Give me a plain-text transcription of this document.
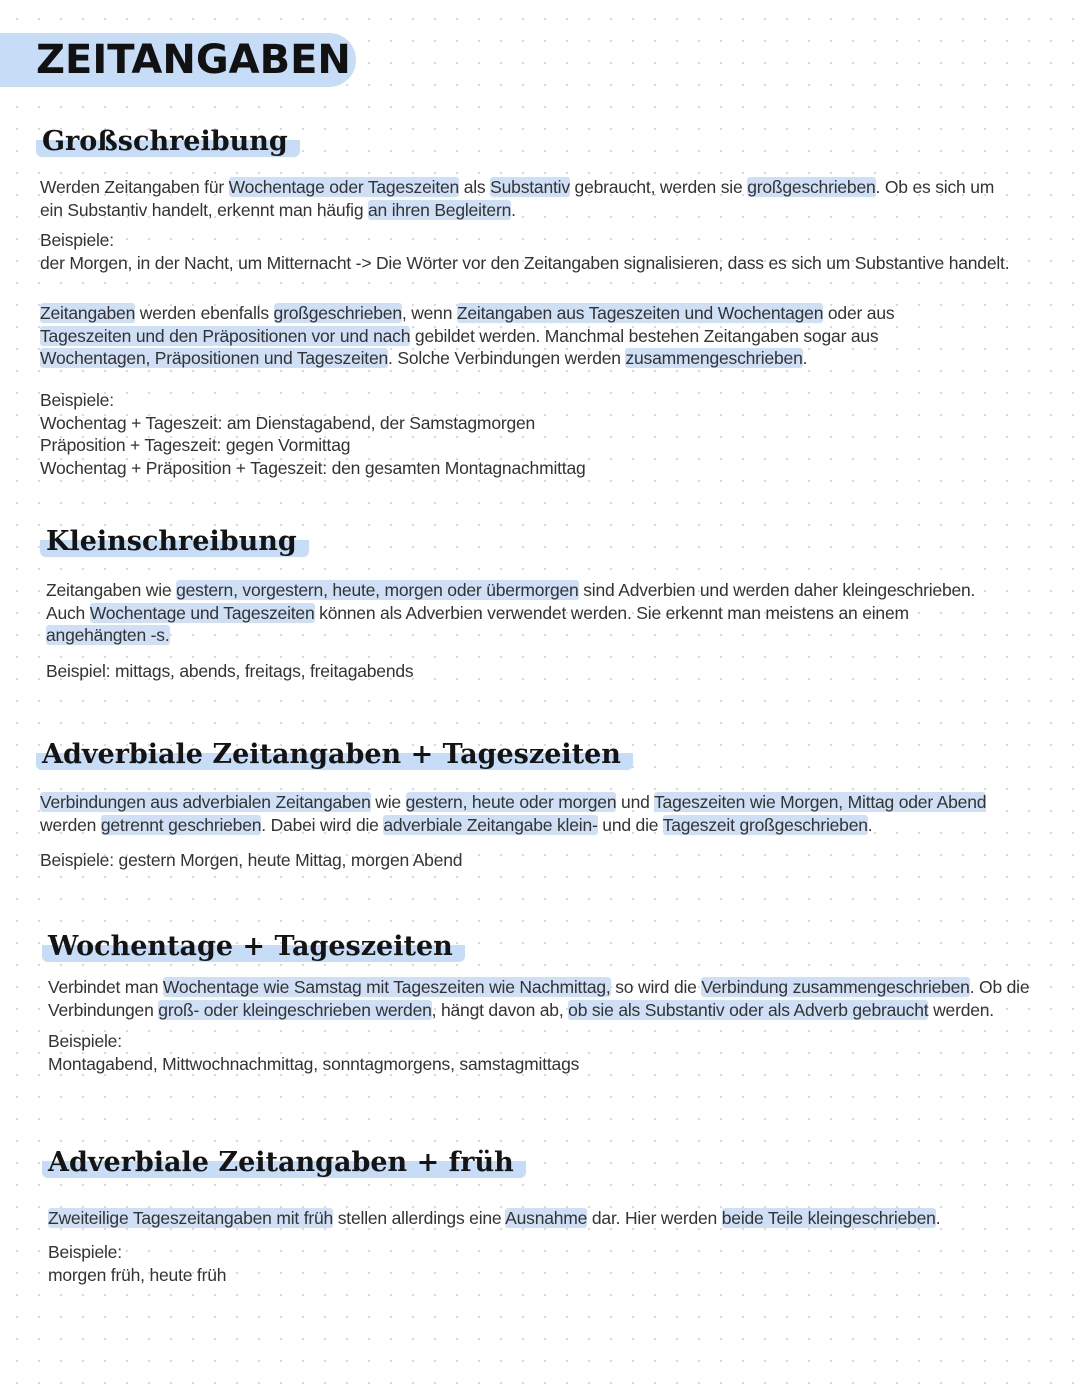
ZEITANGABEN
Großschreibung

Werden Zeitangaben für Wochentage oder Tageszeiten als Substantiv gebraucht, werden sie großgeschrieben. Ob es sich um

ein Substantiv handelt, erkennt man häufig an ihren Begleitern.

Beispiele:

der Morgen, in der Nacht, um Mitternacht -> Die Wörter vor den Zeitangaben signalisieren, dass es sich um Substantive handelt.

Zeitangaben werden ebenfalls großgeschrieben, wenn Zeitangaben aus Tageszeiten und Wochentagen oder aus

Tageszeiten und den Präpositionen vor und nach gebildet werden. Manchmal bestehen Zeitangaben sogar aus

Wochentagen, Präpositionen und Tageszeiten. Solche Verbindungen werden zusammengeschrieben.

Beispiele:

Wochentag + Tageszeit: am Dienstagabend, der Samstagmorgen

Präposition + Tageszeit: gegen Vormittag

Wochentag + Präposition + Tageszeit: den gesamten Montagnachmittag

Kleinschreibung

Zeitangaben wie gestern, vorgestern, heute, morgen oder übermorgen sind Adverbien und werden daher kleingeschrieben.

Auch Wochentage und Tageszeiten können als Adverbien verwendet werden. Sie erkennt man meistens an einem

angehängten -s.

Beispiel: mittags, abends, freitags, freitagabends

Adverbiale Zeitangaben + Tageszeiten

Verbindungen aus adverbialen Zeitangaben wie gestern, heute oder morgen und Tageszeiten wie Morgen, Mittag oder Abend

werden getrennt geschrieben. Dabei wird die adverbiale Zeitangabe klein- und die Tageszeit großgeschrieben.

Beispiele: gestern Morgen, heute Mittag, morgen Abend

Wochentage + Tageszeiten

Verbindet man Wochentage wie Samstag mit Tageszeiten wie Nachmittag, so wird die Verbindung zusammengeschrieben. Ob die

Verbindungen groß- oder kleingeschrieben werden, hängt davon ab, ob sie als Substantiv oder als Adverb gebraucht werden.

Beispiele:

Montagabend, Mittwochnachmittag, sonntagmorgens, samstagmittags

Adverbiale Zeitangaben + früh

Zweiteilige Tageszeitangaben mit früh stellen allerdings eine Ausnahme dar. Hier werden beide Teile kleingeschrieben.

Beispiele:

morgen früh, heute früh
